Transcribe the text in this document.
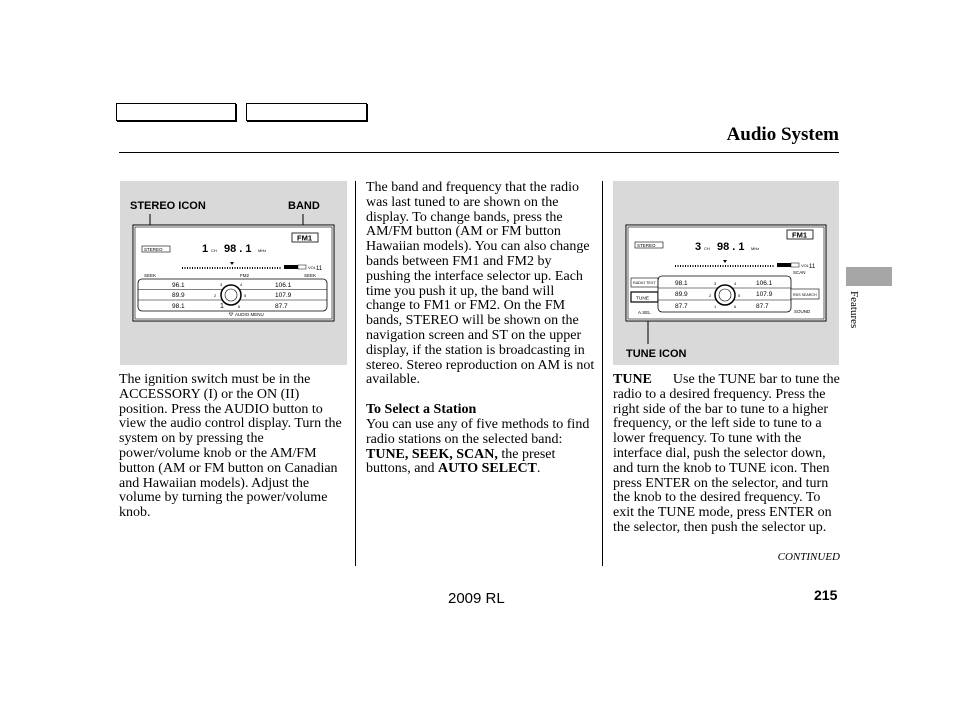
Audio System
STEREO ICON	BAND
STEREO
FM1
1 CH 98 . 1 MHz
VOL 11
SEEK	FM2	SEEK
96.1
89.9
98.1
106.1
107.9
87.7
3
2
1
4
5
6
AUDIO MENU
TUNE ICON
STEREO
FM1
3 CH 98 . 1 MHz
VOL 11
SCAN
RADIO TEXT
TUNE
A.SEL
RDS SEARCH
SOUND
98.1
89.9
87.7
106.1
107.9
87.7
3
2
1
4
5
6

The ignition switch must be in the ACCESSORY (I) or the ON (II) position. Press the AUDIO button to view the audio control display. Turn the system on by pressing the power/volume knob or the AM/FM button (AM or FM button on Canadian and Hawaiian models). Adjust the volume by turning the power/volume knob.

The band and frequency that the radio was last tuned to are shown on the display. To change bands, press the AM/FM button (AM or FM button Hawaiian models). You can also change bands between FM1 and FM2 by pushing the interface selector up. Each time you push it up, the band will change to FM1 or FM2. On the FM bands, STEREO will be shown on the navigation screen and ST on the upper display, if the station is broadcasting in stereo. Stereo reproduction on AM is not available.

To Select a Station

You can use any of five methods to find radio stations on the selected band: TUNE, SEEK, SCAN, the preset buttons, and AUTO SELECT.

TUNE Use the TUNE bar to tune the radio to a desired frequency. Press the right side of the bar to tune to a higher frequency, or the left side to tune to a lower frequency. To tune with the interface dial, push the selector down, and turn the knob to TUNE icon. Then press ENTER on the selector, and turn the knob to the desired frequency. To exit the TUNE mode, press ENTER on the selector, then push the selector up.

CONTINUED
Features
2009 RL	215
